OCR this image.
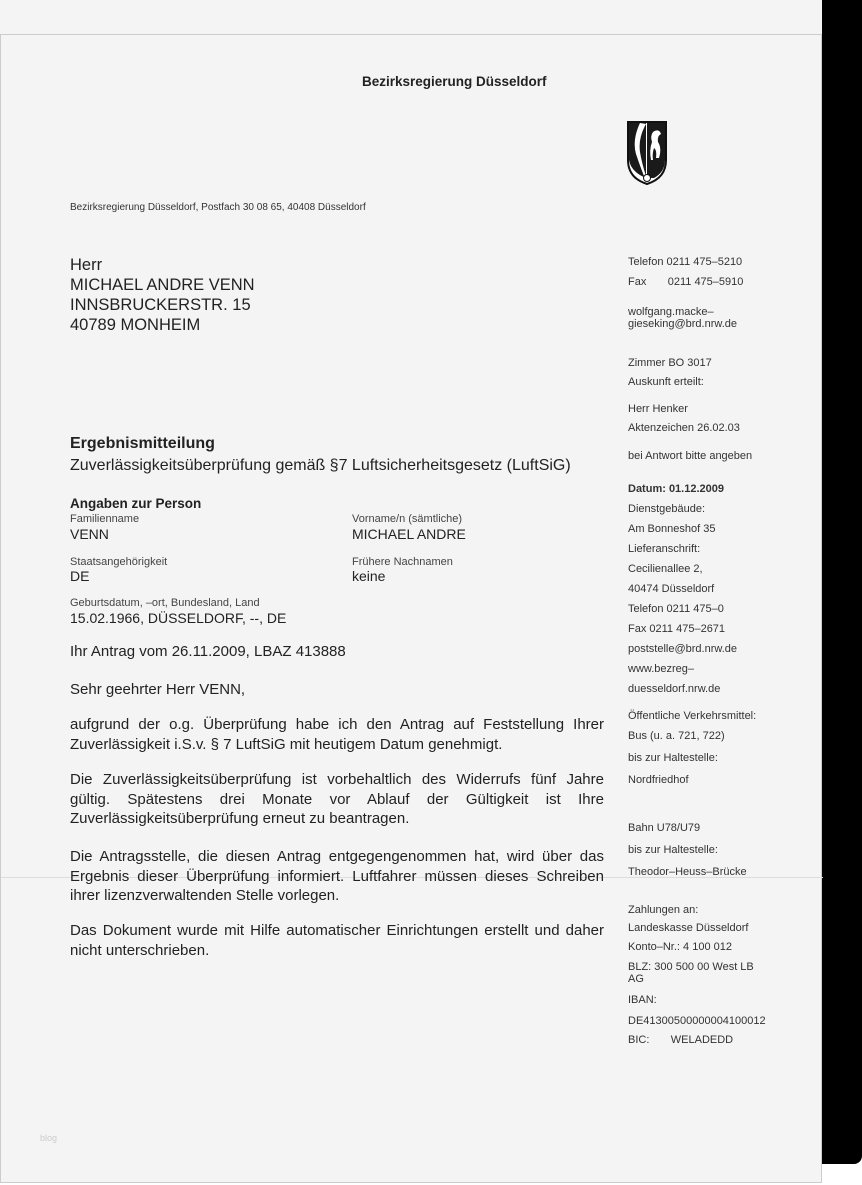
Bezirksregierung Düsseldorf
Bezirksregierung Düsseldorf, Postfach 30 08 65, 40408 Düsseldorf
Herr
MICHAEL ANDRE VENN
INNSBRUCKERSTR. 15
40789 MONHEIM
Ergebnismitteilung
Zuverlässigkeitsüberprüfung gemäß §7 Luftsicherheitsgesetz (LuftSiG)
Angaben zur Person
Familienname
VENN
Vorname/n (sämtliche)
MICHAEL ANDRE
Staatsangehörigkeit
DE
Frühere Nachnamen
keine
Geburtsdatum, –ort, Bundesland, Land
15.02.1966, DÜSSELDORF, --, DE
Ihr Antrag vom 26.11.2009, LBAZ 413888
Sehr geehrter Herr VENN,
aufgrund der o.g. Überprüfung habe ich den Antrag auf Feststellung Ihrer Zuverlässigkeit i.S.v. § 7 LuftSiG mit heutigem Datum genehmigt.
Die Zuverlässigkeitsüberprüfung ist vorbehaltlich des Widerrufs fünf Jahre gültig. Spätestens drei Monate vor Ablauf der Gültigkeit ist Ihre Zuverlässigkeitsüberprüfung erneut zu beantragen.
Die Antragsstelle, die diesen Antrag entgegengenommen hat, wird über das Ergebnis dieser Überprüfung informiert. Luftfahrer müssen dieses Schreiben ihrer lizenzverwaltenden Stelle vorlegen.
Das Dokument wurde mit Hilfe automatischer Einrichtungen erstellt und daher nicht unterschrieben.
Telefon 0211 475–5210
Fax       0211 475–5910
wolfgang.macke–
gieseking@brd.nrw.de
Zimmer BO 3017
Auskunft erteilt:
Herr Henker
Aktenzeichen 26.02.03
bei Antwort bitte angeben
Datum: 01.12.2009
Dienstgebäude:
Am Bonneshof 35
Lieferanschrift:
Cecilienallee 2,
40474 Düsseldorf
Telefon 0211 475–0
Fax 0211 475–2671
poststelle@brd.nrw.de
www.bezreg–
duesseldorf.nrw.de
Öffentliche Verkehrsmittel:
Bus (u. a. 721, 722)
bis zur Haltestelle:
Nordfriedhof
Bahn U78/U79
bis zur Haltestelle:
Theodor–Heuss–Brücke
Zahlungen an:
Landeskasse Düsseldorf
Konto–Nr.: 4 100 012
BLZ: 300 500 00 West LB
AG
IBAN:
DE41300500000004100012
BIC:       WELADEDD
blog
